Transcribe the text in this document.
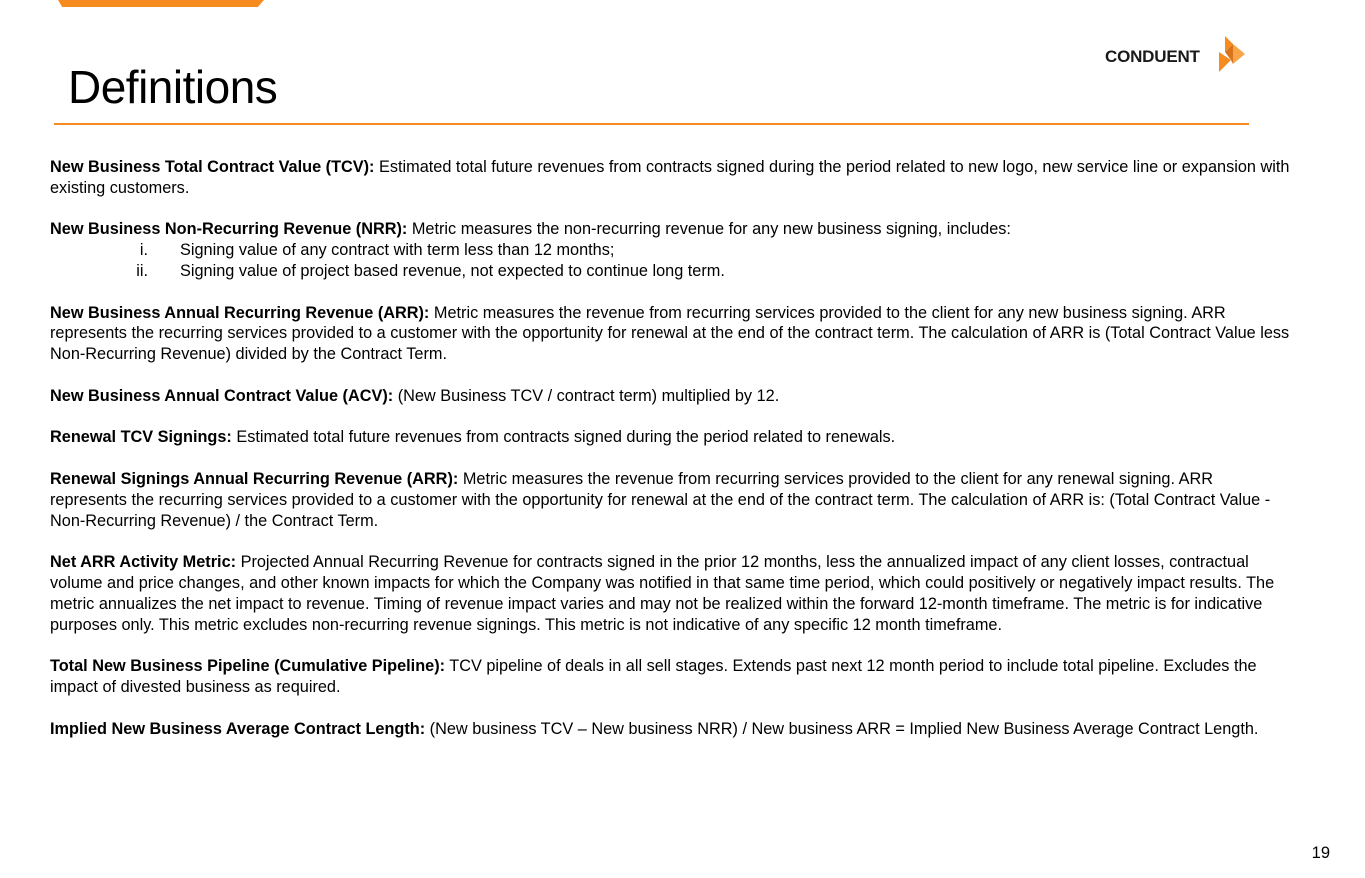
Definitions
CONDUENT

New Business Total Contract Value (TCV): Estimated total future revenues from contracts signed during the period related to new logo, new service line or expansion with existing customers.

New Business Non-Recurring Revenue (NRR): Metric measures the non-recurring revenue for any new business signing, includes:
i. Signing value of any contract with term less than 12 months;
ii. Signing value of project based revenue, not expected to continue long term.

New Business Annual Recurring Revenue (ARR): Metric measures the revenue from recurring services provided to the client for any new business signing. ARR represents the recurring services provided to a customer with the opportunity for renewal at the end of the contract term. The calculation of ARR is (Total Contract Value less Non-Recurring Revenue) divided by the Contract Term.

New Business Annual Contract Value (ACV): (New Business TCV / contract term) multiplied by 12.

Renewal TCV Signings: Estimated total future revenues from contracts signed during the period related to renewals.

Renewal Signings Annual Recurring Revenue (ARR): Metric measures the revenue from recurring services provided to the client for any renewal signing. ARR represents the recurring services provided to a customer with the opportunity for renewal at the end of the contract term. The calculation of ARR is: (Total Contract Value - Non-Recurring Revenue) / the Contract Term.

Net ARR Activity Metric: Projected Annual Recurring Revenue for contracts signed in the prior 12 months, less the annualized impact of any client losses, contractual volume and price changes, and other known impacts for which the Company was notified in that same time period, which could positively or negatively impact results. The metric annualizes the net impact to revenue. Timing of revenue impact varies and may not be realized within the forward 12-month timeframe. The metric is for indicative purposes only. This metric excludes non-recurring revenue signings. This metric is not indicative of any specific 12 month timeframe.

Total New Business Pipeline (Cumulative Pipeline): TCV pipeline of deals in all sell stages. Extends past next 12 month period to include total pipeline. Excludes the impact of divested business as required.

Implied New Business Average Contract Length: (New business TCV – New business NRR) / New business ARR = Implied New Business Average Contract Length.

19
